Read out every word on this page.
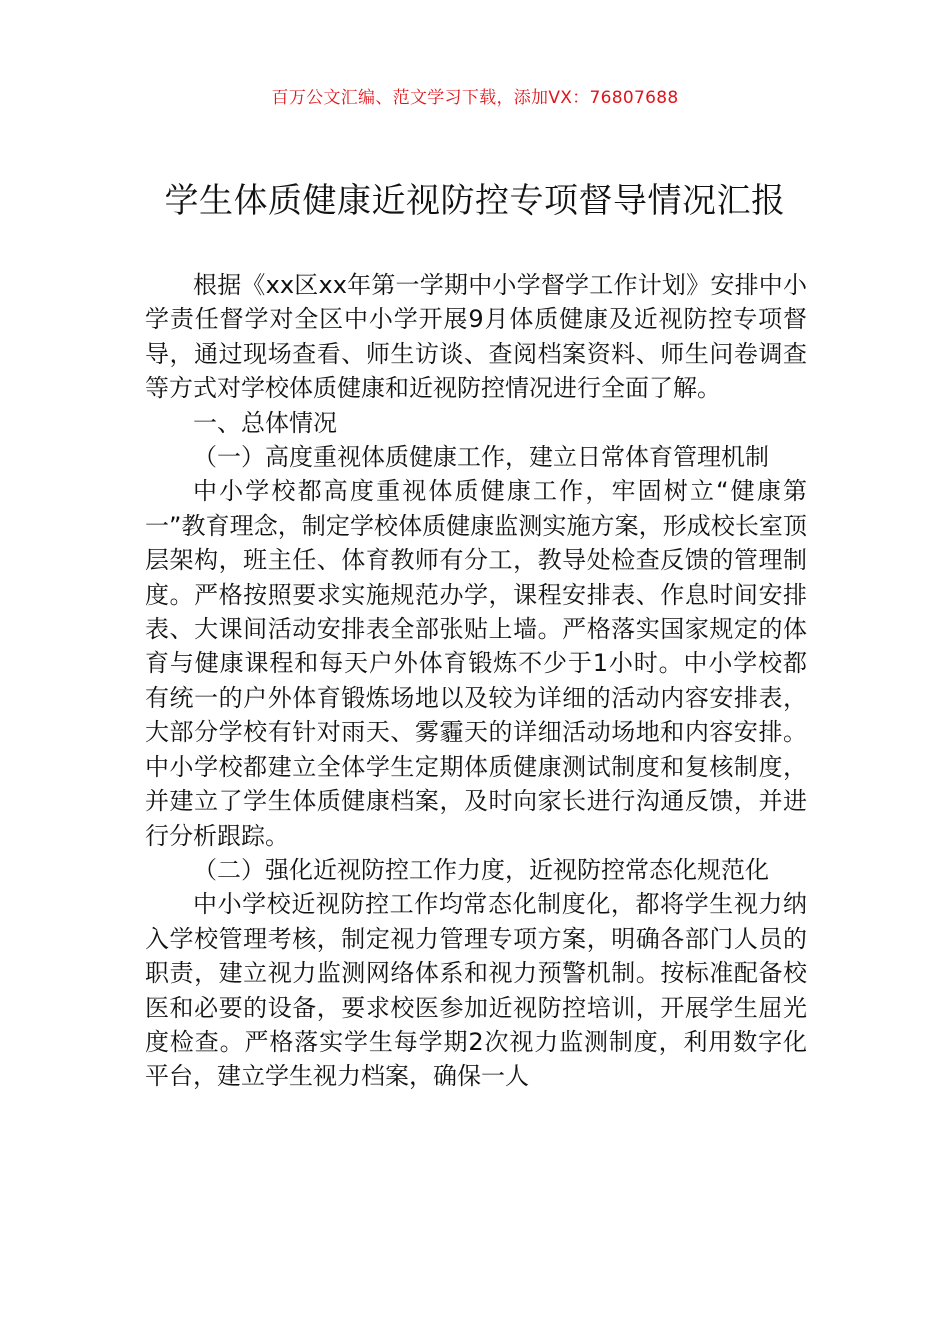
百万公文汇编、范文学习下载，添加VX：76807688
学生体质健康近视防控专项督导情况汇报

根据《xx区xx年第一学期中小学督学工作计划》安排中小学责任督学对全区中小学开展9月体质健康及近视防控专项督导，通过现场查看、师生访谈、查阅档案资料、师生问卷调查等方式对学校体质健康和近视防控情况进行全面了解。

一、总体情况

（一）高度重视体质健康工作，建立日常体育管理机制

中小学校都高度重视体质健康工作，牢固树立“健康第一”教育理念，制定学校体质健康监测实施方案，形成校长室顶层架构，班主任、体育教师有分工，教导处检查反馈的管理制度。严格按照要求实施规范办学，课程安排表、作息时间安排表、大课间活动安排表全部张贴上墙。严格落实国家规定的体育与健康课程和每天户外体育锻炼不少于1小时。中小学校都有统一的户外体育锻炼场地以及较为详细的活动内容安排表，大部分学校有针对雨天、雾霾天的详细活动场地和内容安排。中小学校都建立全体学生定期体质健康测试制度和复核制度，并建立了学生体质健康档案，及时向家长进行沟通反馈，并进行分析跟踪。

（二）强化近视防控工作力度，近视防控常态化规范化

中小学校近视防控工作均常态化制度化，都将学生视力纳入学校管理考核，制定视力管理专项方案，明确各部门人员的职责，建立视力监测网络体系和视力预警机制。按标准配备校医和必要的设备，要求校医参加近视防控培训，开展学生屈光度检查。严格落实学生每学期2次视力监测制度，利用数字化平台，建立学生视力档案，确保一人
